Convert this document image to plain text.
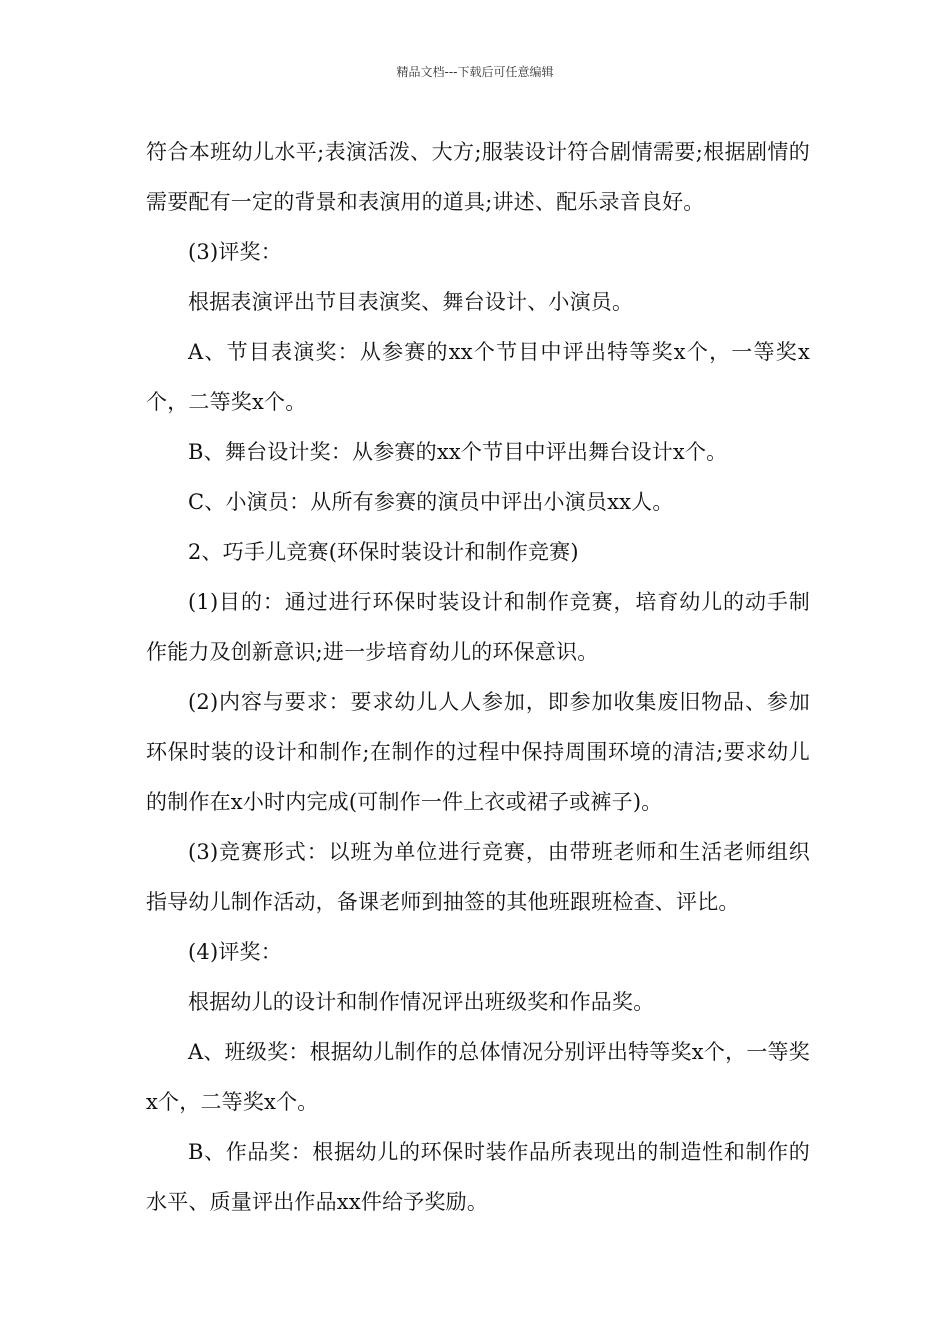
精品文档---下载后可任意编辑

符合本班幼儿水平;表演活泼、大方;服装设计符合剧情需要;根据剧情的需要配有一定的背景和表演用的道具;讲述、配乐录音良好。

(3)评奖：

根据表演评出节目表演奖、舞台设计、小演员。

A、节目表演奖：从参赛的xx个节目中评出特等奖x个，一等奖x个，二等奖x个。

B、舞台设计奖：从参赛的xx个节目中评出舞台设计x个。

C、小演员：从所有参赛的演员中评出小演员xx人。

2、巧手儿竞赛(环保时装设计和制作竞赛)

(1)目的：通过进行环保时装设计和制作竞赛，培育幼儿的动手制作能力及创新意识;进一步培育幼儿的环保意识。

(2)内容与要求：要求幼儿人人参加，即参加收集废旧物品、参加环保时装的设计和制作;在制作的过程中保持周围环境的清洁;要求幼儿的制作在x小时内完成(可制作一件上衣或裙子或裤子)。

(3)竞赛形式：以班为单位进行竞赛，由带班老师和生活老师组织指导幼儿制作活动，备课老师到抽签的其他班跟班检查、评比。

(4)评奖：

根据幼儿的设计和制作情况评出班级奖和作品奖。

A、班级奖：根据幼儿制作的总体情况分别评出特等奖x个，一等奖x个，二等奖x个。

B、作品奖：根据幼儿的环保时装作品所表现出的制造性和制作的水平、质量评出作品xx件给予奖励。
